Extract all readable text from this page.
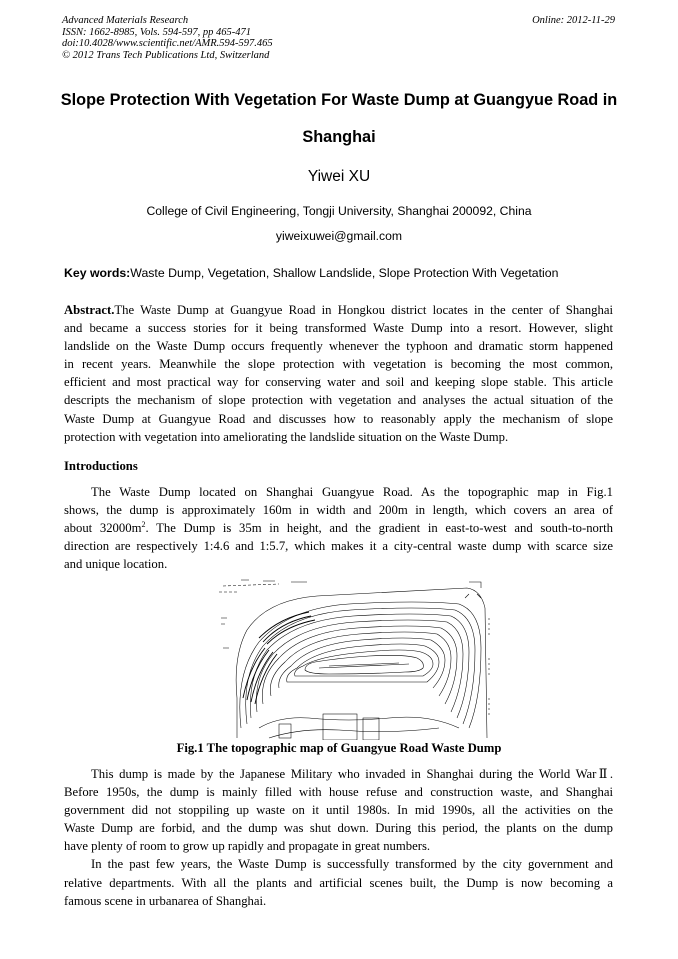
Advanced Materials Research
ISSN: 1662-8985, Vols. 594-597, pp 465-471
doi:10.4028/www.scientific.net/AMR.594-597.465
© 2012 Trans Tech Publications Ltd, Switzerland
Online: 2012-11-29
Slope Protection With Vegetation For Waste Dump at Guangyue Road in
Shanghai
Yiwei XU
College of Civil Engineering, Tongji University, Shanghai 200092, China
yiweixuwei@gmail.com
Key words:Waste Dump, Vegetation, Shallow Landslide, Slope Protection With Vegetation
Abstract.The Waste Dump at Guangyue Road in Hongkou district locates in the center of Shanghai
and became a success stories for it being transformed Waste Dump into a resort. However, slight
landslide on the Waste Dump occurs frequently whenever the typhoon and dramatic storm happened
in recent years. Meanwhile the slope protection with vegetation is becoming the most common,
efficient and most practical way for conserving water and soil and keeping slope stable. This article
descripts the mechanism of slope protection with vegetation and analyses the actual situation of the
Waste Dump at Guangyue Road and discusses how to reasonably apply the mechanism of slope
protection with vegetation into ameliorating the landslide situation on the Waste Dump.
Introductions
The Waste Dump located on Shanghai Guangyue Road. As the topographic map in Fig.1
shows, the dump is approximately 160m in width and 200m in length, which covers an area of
about $32000m^2$. The Dump is 35m in height, and the gradient in east-to-west and south-to-north
direction are respectively 1:4.6 and 1:5.7, which makes it a city-central waste dump with scarce size
and unique location.
Fig.1 The topographic map of Guangyue Road Waste Dump
This dump is made by the Japanese Military who invaded in Shanghai during the World WarⅡ.
Before 1950s, the dump is mainly filled with house refuse and construction waste, and Shanghai
government did not stoppiling up waste on it until 1980s. In mid 1990s, all the activities on the
Waste Dump are forbid, and the dump was shut down. During this period, the plants on the dump
have plenty of room to grow up rapidly and propagate in great numbers.
In the past few years, the Waste Dump is successfully transformed by the city government and
relative departments. With all the plants and artificial scenes built, the Dump is now becoming a
famous scene in urbanarea of Shanghai.
